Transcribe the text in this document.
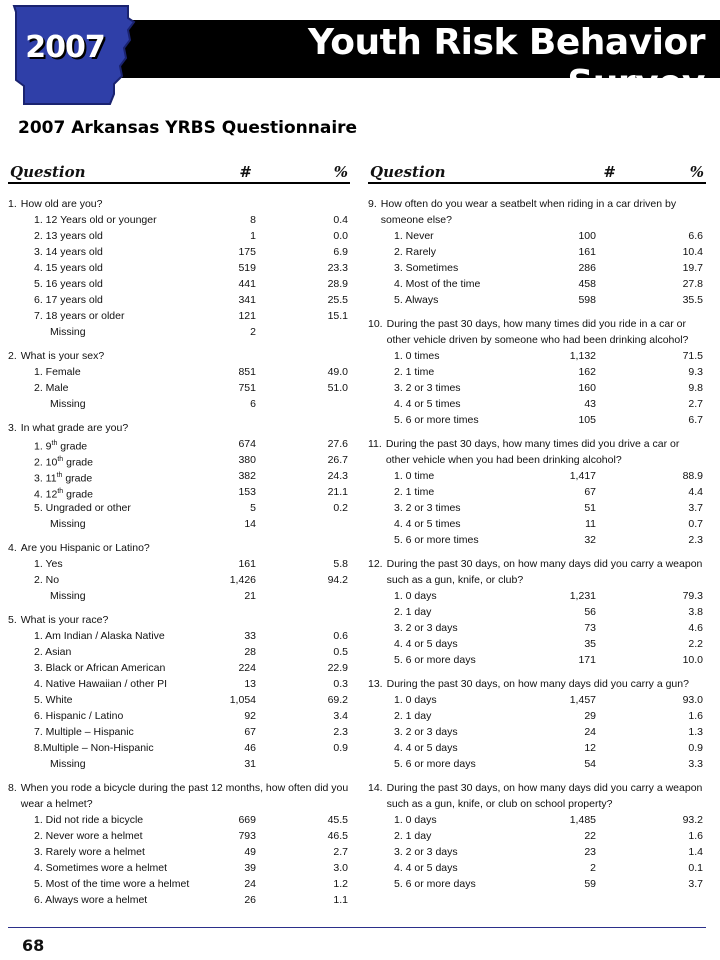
Youth Risk Behavior Survey
2007
2007 Arkansas YRBS Questionnaire
Question	#	%
1. How old are you?
1. 12 Years old or younger	8	0.4
2. 13 years old	1	0.0
3. 14 years old	175	6.9
4. 15 years old	519	23.3
5. 16 years old	441	28.9
6. 17 years old	341	25.5
7. 18 years or older	121	15.1
Missing	2
2. What is your sex?
1. Female	851	49.0
2. Male	751	51.0
Missing	6
3. In what grade are you?
1. 9th grade	674	27.6
2. 10th grade	380	26.7
3. 11th grade	382	24.3
4. 12th grade	153	21.1
5. Ungraded or other	5	0.2
Missing	14
4. Are you Hispanic or Latino?
1. Yes	161	5.8
2. No	1,426	94.2
Missing	21
5. What is your race?
1. Am Indian / Alaska Native	33	0.6
2. Asian	28	0.5
3. Black or African American	224	22.9
4. Native Hawaiian / other PI	13	0.3
5. White	1,054	69.2
6. Hispanic / Latino	92	3.4
7. Multiple – Hispanic	67	2.3
8.Multiple – Non-Hispanic	46	0.9
Missing	31
8. When you rode a bicycle during the past 12 months, how often did you wear a helmet?
1. Did not ride a bicycle	669	45.5
2. Never wore a helmet	793	46.5
3. Rarely wore a helmet	49	2.7
4. Sometimes wore a helmet	39	3.0
5. Most of the time wore a helmet	24	1.2
6. Always wore a helmet	26	1.1
Question	#	%
9. How often do you wear a seatbelt when riding in a car driven by someone else?
1. Never	100	6.6
2. Rarely	161	10.4
3. Sometimes	286	19.7
4. Most of the time	458	27.8
5. Always	598	35.5
10. During the past 30 days, how many times did you ride in a car or other vehicle driven by someone who had been drinking alcohol?
1. 0 times	1,132	71.5
2. 1 time	162	9.3
3. 2 or 3 times	160	9.8
4. 4 or 5 times	43	2.7
5. 6 or more times	105	6.7
11. During the past 30 days, how many times did you drive a car or other vehicle when you had been drinking alcohol?
1. 0 time	1,417	88.9
2. 1 time	67	4.4
3. 2 or 3 times	51	3.7
4. 4 or 5 times	11	0.7
5. 6 or more times	32	2.3
12. During the past 30 days, on how many days did you carry a weapon such as a gun, knife, or club?
1. 0 days	1,231	79.3
2. 1 day	56	3.8
3. 2 or 3 days	73	4.6
4. 4 or 5 days	35	2.2
5. 6 or more days	171	10.0
13. During the past 30 days, on how many days did you carry a gun?
1. 0 days	1,457	93.0
2. 1 day	29	1.6
3. 2 or 3 days	24	1.3
4. 4 or 5 days	12	0.9
5. 6 or more days	54	3.3
14. During the past 30 days, on how many days did you carry a weapon such as a gun, knife, or club on school property?
1. 0 days	1,485	93.2
2. 1 day	22	1.6
3. 2 or 3 days	23	1.4
4. 4 or 5 days	2	0.1
5. 6 or more days	59	3.7
68
